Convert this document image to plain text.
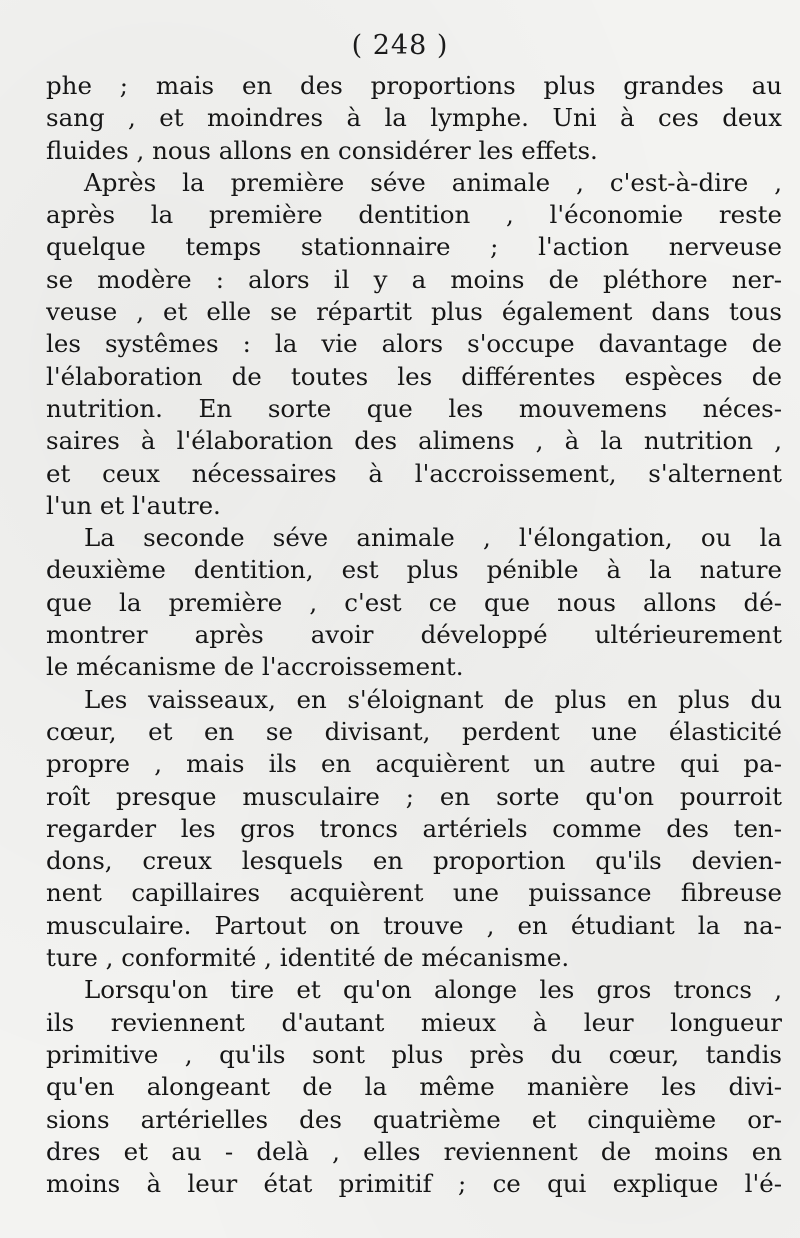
( 248 )
phe ; mais en des proportions plus grandes au
sang , et moindres à la lymphe. Uni à ces deux
fluides , nous allons en considérer les effets.
Après la première séve animale , c'est-à-dire ,
après la première dentition , l'économie reste
quelque temps stationnaire ; l'action nerveuse
se modère : alors il y a moins de pléthore ner-
veuse , et elle se répartit plus également dans tous
les systêmes : la vie alors s'occupe davantage de
l'élaboration de toutes les différentes espèces de
nutrition. En sorte que les mouvemens néces-
saires à l'élaboration des alimens , à la nutrition ,
et ceux nécessaires à l'accroissement, s'alternent
l'un et l'autre.
La seconde séve animale , l'élongation, ou la
deuxième dentition, est plus pénible à la nature
que la première , c'est ce que nous allons dé-
montrer après avoir développé ultérieurement
le mécanisme de l'accroissement.
Les vaisseaux, en s'éloignant de plus en plus du
cœur, et en se divisant, perdent une élasticité
propre , mais ils en acquièrent un autre qui pa-
roît presque musculaire ; en sorte qu'on pourroit
regarder les gros troncs artériels comme des ten-
dons, creux lesquels en proportion qu'ils devien-
nent capillaires acquièrent une puissance fibreuse
musculaire. Partout on trouve , en étudiant la na-
ture , conformité , identité de mécanisme.
Lorsqu'on tire et qu'on alonge les gros troncs ,
ils reviennent d'autant mieux à leur longueur
primitive , qu'ils sont plus près du cœur, tandis
qu'en alongeant de la même manière les divi-
sions artérielles des quatrième et cinquième or-
dres et au - delà , elles reviennent de moins en
moins à leur état primitif ; ce qui explique l'é-
